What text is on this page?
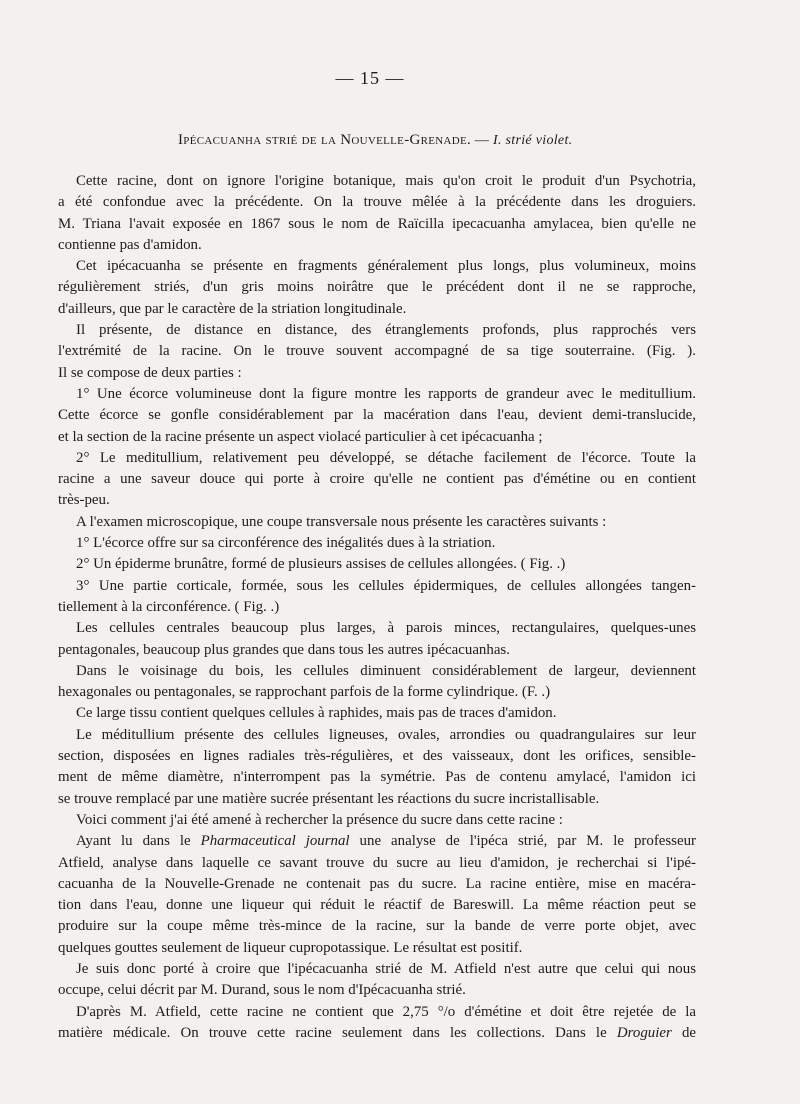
— 15 —
Ipécacuanha strié de la Nouvelle-Grenade. — I. strié violet.

Cette racine, dont on ignore l'origine botanique, mais qu'on croit le produit d'un Psychotria,

a été confondue avec la précédente. On la trouve mêlée à la précédente dans les droguiers.

M. Triana l'avait exposée en 1867 sous le nom de Raïcilla ipecacuanha amylacea, bien qu'elle ne

contienne pas d'amidon.

Cet ipécacuanha se présente en fragments généralement plus longs, plus volumineux, moins

régulièrement striés, d'un gris moins noirâtre que le précédent dont il ne se rapproche,

d'ailleurs, que par le caractère de la striation longitudinale.

Il présente, de distance en distance, des étranglements profonds, plus rapprochés vers

l'extrémité de la racine. On le trouve souvent accompagné de sa tige souterraine. (Fig. ).

Il se compose de deux parties :

1° Une écorce volumineuse dont la figure montre les rapports de grandeur avec le meditullium.

Cette écorce se gonfle considérablement par la macération dans l'eau, devient demi-translucide,

et la section de la racine présente un aspect violacé particulier à cet ipécacuanha ;

2° Le meditullium, relativement peu développé, se détache facilement de l'écorce. Toute la

racine a une saveur douce qui porte à croire qu'elle ne contient pas d'émétine ou en contient

très-peu.

A l'examen microscopique, une coupe transversale nous présente les caractères suivants :

1° L'écorce offre sur sa circonférence des inégalités dues à la striation.

2° Un épiderme brunâtre, formé de plusieurs assises de cellules allongées. ( Fig. .)

3° Une partie corticale, formée, sous les cellules épidermiques, de cellules allongées tangen-

tiellement à la circonférence. ( Fig. .)

Les cellules centrales beaucoup plus larges, à parois minces, rectangulaires, quelques-unes

pentagonales, beaucoup plus grandes que dans tous les autres ipécacuanhas.

Dans le voisinage du bois, les cellules diminuent considérablement de largeur, deviennent

hexagonales ou pentagonales, se rapprochant parfois de la forme cylindrique. (F. .)

Ce large tissu contient quelques cellules à raphides, mais pas de traces d'amidon.

Le méditullium présente des cellules ligneuses, ovales, arrondies ou quadrangulaires sur leur

section, disposées en lignes radiales très-régulières, et des vaisseaux, dont les orifices, sensible-

ment de même diamètre, n'interrompent pas la symétrie. Pas de contenu amylacé, l'amidon ici

se trouve remplacé par une matière sucrée présentant les réactions du sucre incristallisable.

Voici comment j'ai été amené à rechercher la présence du sucre dans cette racine :

Ayant lu dans le Pharmaceutical journal une analyse de l'ipéca strié, par M. le professeur

Atfield, analyse dans laquelle ce savant trouve du sucre au lieu d'amidon, je recherchai si l'ipé-

cacuanha de la Nouvelle-Grenade ne contenait pas du sucre. La racine entière, mise en macéra-

tion dans l'eau, donne une liqueur qui réduit le réactif de Bareswill. La même réaction peut se

produire sur la coupe même très-mince de la racine, sur la bande de verre porte objet, avec

quelques gouttes seulement de liqueur cupropotassique. Le résultat est positif.

Je suis donc porté à croire que l'ipécacuanha strié de M. Atfield n'est autre que celui qui nous

occupe, celui décrit par M. Durand, sous le nom d'Ipécacuanha strié.

D'après M. Atfield, cette racine ne contient que 2,75 °/o d'émétine et doit être rejetée de la

matière médicale. On trouve cette racine seulement dans les collections. Dans le Droguier de
